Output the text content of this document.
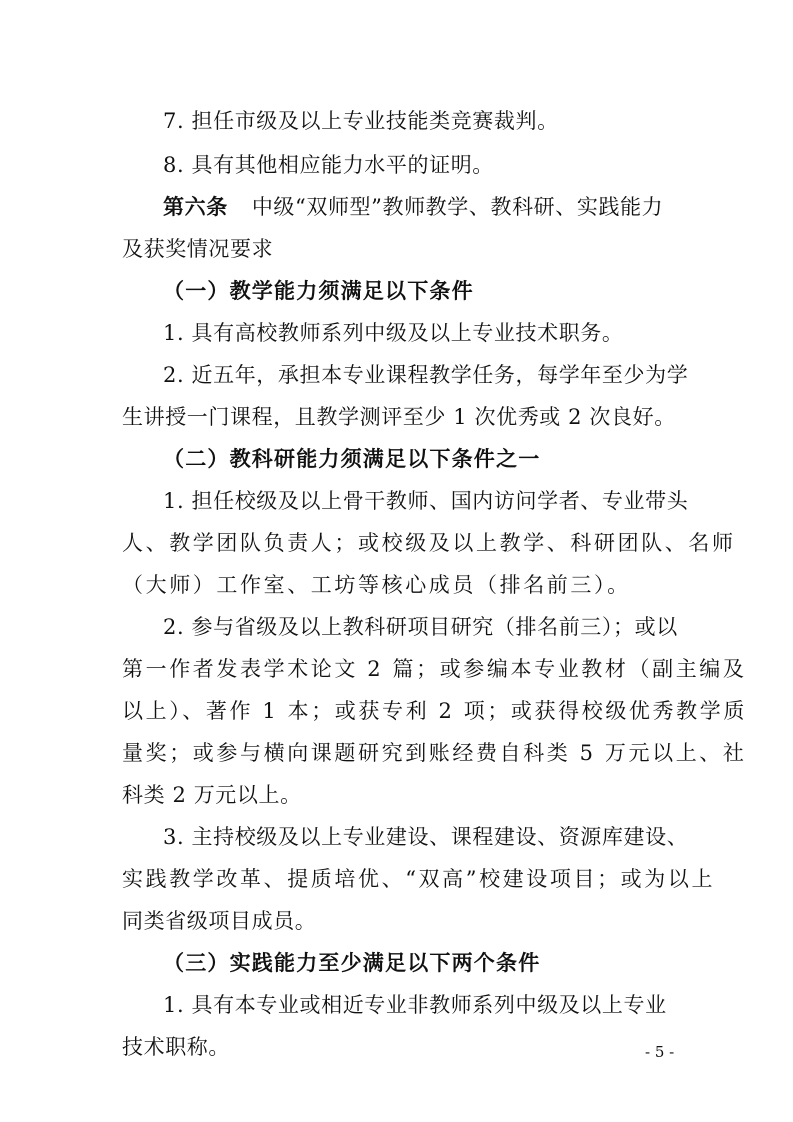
7. 担任市级及以上专业技能类竞赛裁判。
8. 具有其他相应能力水平的证明。
第六条 中级“双师型”教师教学、教科研、实践能力
及获奖情况要求
（一）教学能力须满足以下条件
1. 具有高校教师系列中级及以上专业技术职务。
2. 近五年，承担本专业课程教学任务，每学年至少为学
生讲授一门课程，且教学测评至少 1 次优秀或 2 次良好。
（二）教科研能力须满足以下条件之一
1. 担任校级及以上骨干教师、国内访问学者、专业带头
人、教学团队负责人；或校级及以上教学、科研团队、名师
（大师）工作室、工坊等核心成员（排名前三）。
2. 参与省级及以上教科研项目研究（排名前三）；或以
第一作者发表学术论文 2 篇；或参编本专业教材（副主编及
以上）、著作 1 本；或获专利 2 项；或获得校级优秀教学质
量奖；或参与横向课题研究到账经费自科类 5 万元以上、社
科类 2 万元以上。
3. 主持校级及以上专业建设、课程建设、资源库建设、
实践教学改革、提质培优、“双高”校建设项目；或为以上
同类省级项目成员。
（三）实践能力至少满足以下两个条件
1. 具有本专业或相近专业非教师系列中级及以上专业
技术职称。	- 5 -
